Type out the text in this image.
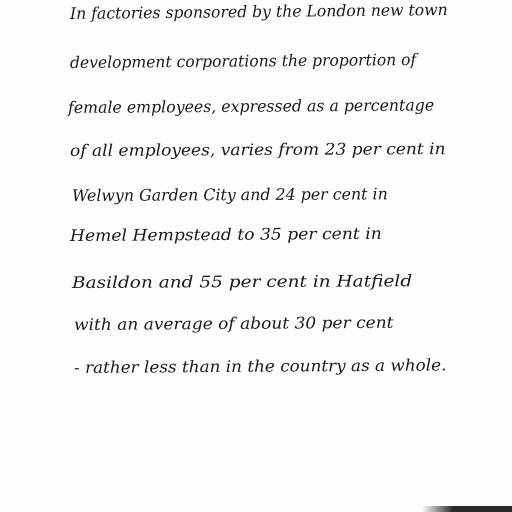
In factories sponsored by the London new town
development corporations the proportion of
female employees, expressed as a percentage
of all employees, varies from 23 per cent in
Welwyn Garden City and 24 per cent in
Hemel Hempstead to 35 per cent in
Basildon and 55 per cent in Hatfield
with an average of about 30 per cent
- rather less than in the country as a whole.
